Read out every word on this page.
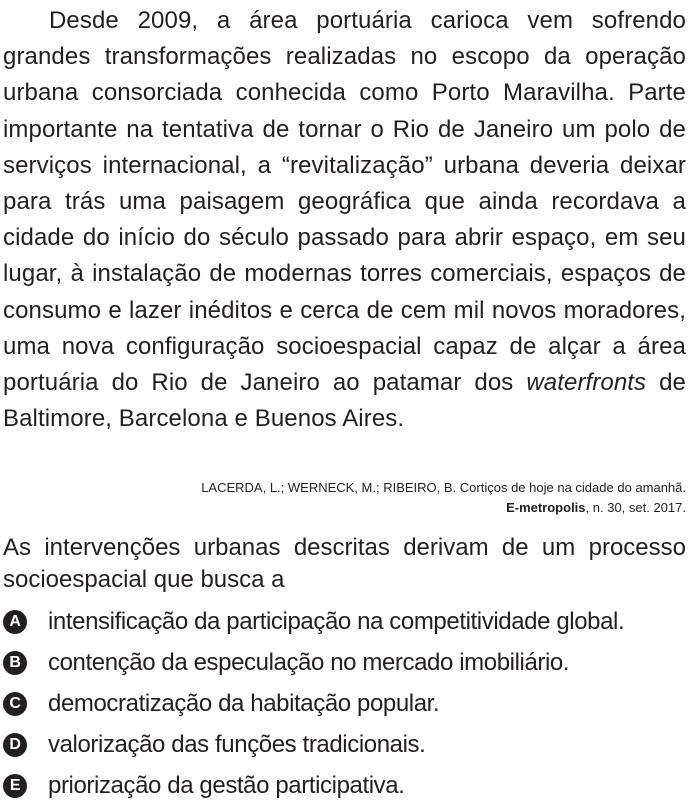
Desde 2009, a área portuária carioca vem sofrendo grandes transformações realizadas no escopo da operação urbana consorciada conhecida como Porto Maravilha. Parte importante na tentativa de tornar o Rio de Janeiro um polo de serviços internacional, a “revitalização” urbana deveria deixar para trás uma paisagem geográfica que ainda recordava a cidade do início do século passado para abrir espaço, em seu lugar, à instalação de modernas torres comerciais, espaços de consumo e lazer inéditos e cerca de cem mil novos moradores, uma nova configuração socioespacial capaz de alçar a área portuária do Rio de Janeiro ao patamar dos waterfronts de Baltimore, Barcelona e Buenos Aires.

LACERDA, L.; WERNECK, M.; RIBEIRO, B. Cortiços de hoje na cidade do amanhã.
E-metropolis, n. 30, set. 2017.

As intervenções urbanas descritas derivam de um processo socioespacial que busca a

A intensificação da participação na competitividade global.
B contenção da especulação no mercado imobiliário.
C democratização da habitação popular.
D valorização das funções tradicionais.
E priorização da gestão participativa.
